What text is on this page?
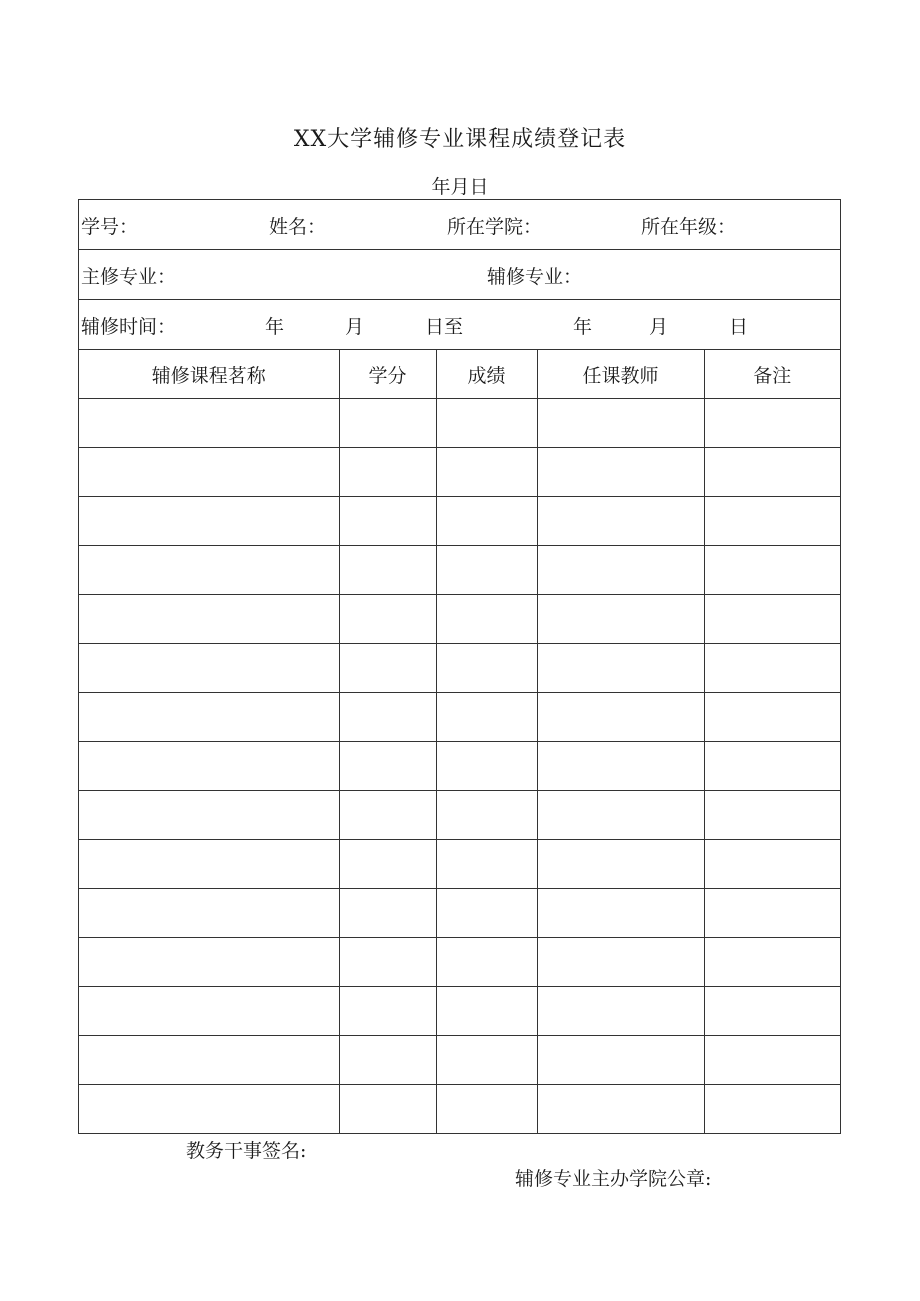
XX大学辅修专业课程成绩登记表
年月日
学号：	姓名：	所在学院：	所在年级：
主修专业：	辅修专业：
辅修时间：	年	月	日至	年	月	日
辅修课程茗称	学分	成绩	任课教师	备注

教务干事签名:
辅修专业主办学院公章:
